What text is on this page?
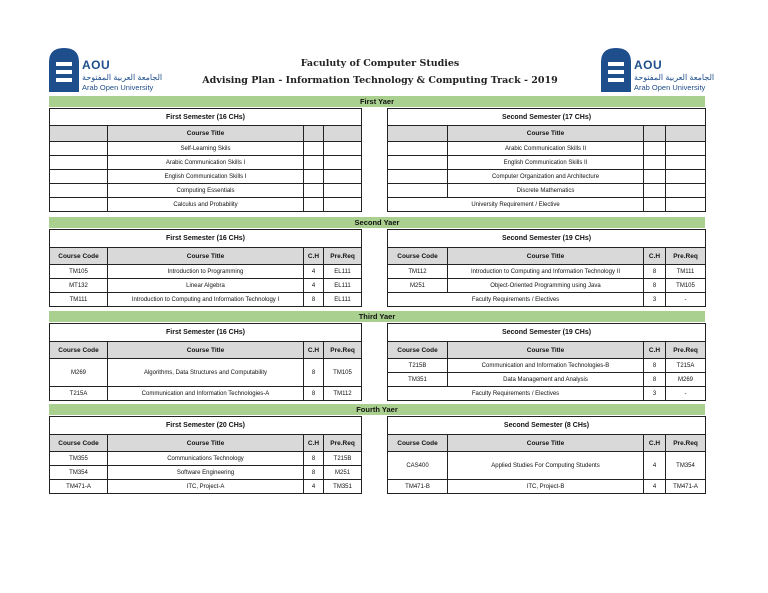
AOU
الجامعة العربية المفتوحة
Arab Open University
AOU
الجامعة العربية المفتوحة
Arab Open University
Faculuty of Computer Studies
Advising Plan - Information Technology & Computing Track - 2019
First Yaer
First Semester (16 CHs)			
	Course Title		
	Self-Learning Skils		
	Arabic Communication Skills I		
	English Communication Skills I		
	Computing Essentials		
	Calculus and Probability		
Second Semester (17 CHs)			
	Course Title		
	Arabic Communication Skills II		
	English Communication Skills II		
	Computer Organization and Architecture		
	Discrete Mathematics		
University Requirement / Elective			
Second Yaer
First Semester (16 CHs)			
Course Code	Course Title	C.H	Pre.Req
TM105	Introduction to Programming	4	EL111
MT132	Linear Algebra	4	EL111
TM111	Introduction to Computing and Information Technology I	8	EL111
Second Semester (19 CHs)			
Course Code	Course Title	C.H	Pre.Req
TM112	Introduction to Computing and Information Technology II	8	TM111
M251	Object-Oriented Programming using Java	8	TM105
Faculty Requirements / Electives		3	-
Third Yaer
First Semester (16 CHs)			
Course Code	Course Title	C.H	Pre.Req
M269	Algorithms, Data Structures and Computability	8	TM105
T215A	Communication and Information Technologies-A	8	TM112
Second Semester (19 CHs)			
Course Code	Course Title	C.H	Pre.Req
T215B	Communication and Information Technologies-B	8	T215A
TM351	Data Management and Analysis	8	M269
Faculty Requirements / Electives		3	-
Fourth Yaer
First Semester (20 CHs)			
Course Code	Course Title	C.H	Pre.Req
TM355	Communications Technology	8	T215B
TM354	Software Engineering	8	M251
TM471-A	ITC, Project-A	4	TM351
Second Semester (8 CHs)			
Course Code	Course Title	C.H	Pre.Req
CAS400	Applied Studies For Computing Students	4	TM354
TM471-B	ITC, Project-B	4	TM471-A
